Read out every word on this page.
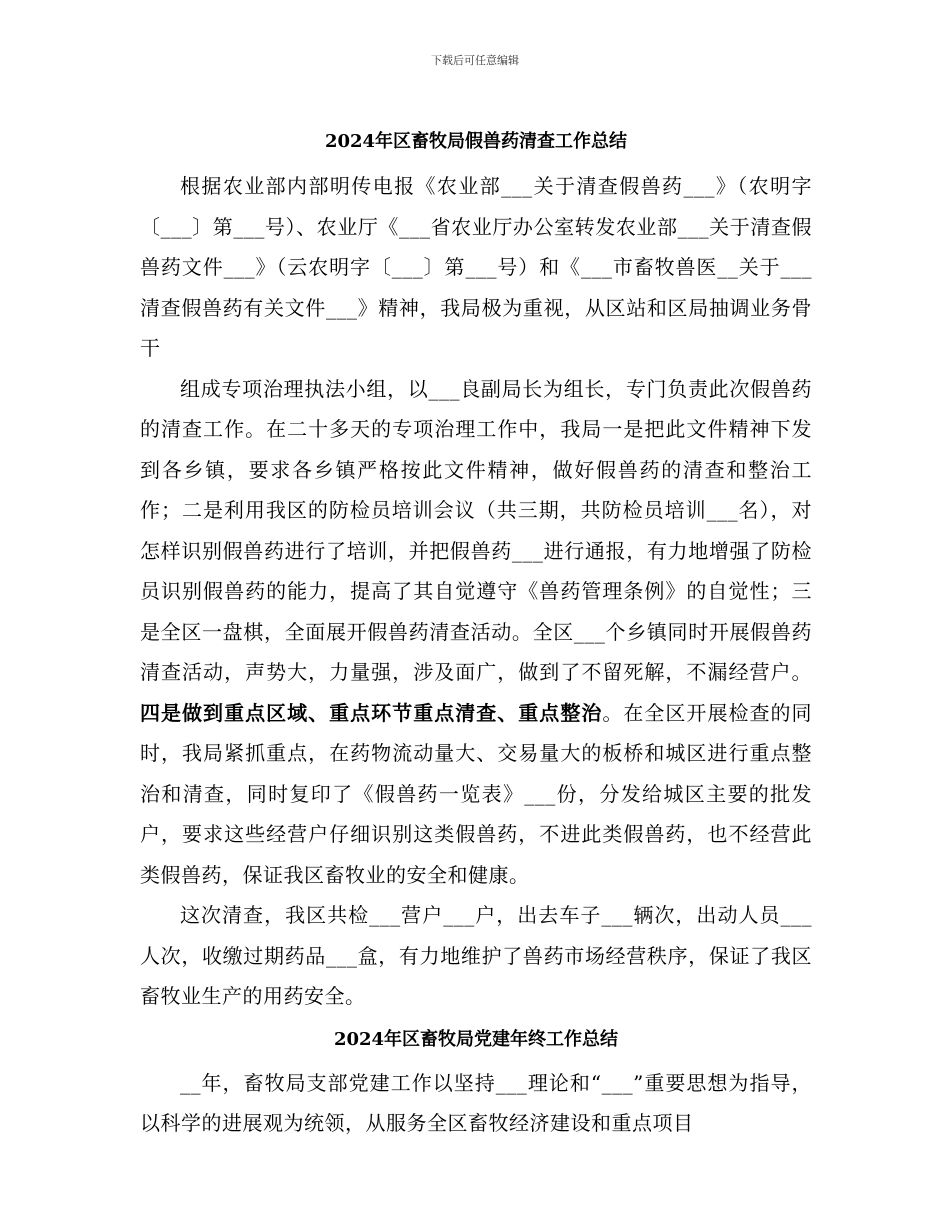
下载后可任意编辑
2024年区畜牧局假兽药清查工作总结

根据农业部内部明传电报《农业部___关于清查假兽药___》（农明字〔___〕第___号）、农业厅《___省农业厅办公室转发农业部___关于清查假兽药文件___》（云农明字〔___〕第___号）和《___市畜牧兽医__关于___清查假兽药有关文件___》精神，我局极为重视，从区站和区局抽调业务骨干

组成专项治理执法小组，以___良副局长为组长，专门负责此次假兽药的清查工作。在二十多天的专项治理工作中，我局一是把此文件精神下发到各乡镇，要求各乡镇严格按此文件精神，做好假兽药的清查和整治工作；二是利用我区的防检员培训会议（共三期，共防检员培训___名），对怎样识别假兽药进行了培训，并把假兽药___进行通报，有力地增强了防检员识别假兽药的能力，提高了其自觉遵守《兽药管理条例》的自觉性；三是全区一盘棋，全面展开假兽药清查活动。全区___个乡镇同时开展假兽药清查活动，声势大，力量强，涉及面广，做到了不留死解，不漏经营户。四是做到重点区域、重点环节重点清查、重点整治。在全区开展检查的同时，我局紧抓重点，在药物流动量大、交易量大的板桥和城区进行重点整治和清查，同时复印了《假兽药一览表》___份，分发给城区主要的批发户，要求这些经营户仔细识别这类假兽药，不进此类假兽药，也不经营此类假兽药，保证我区畜牧业的安全和健康。

这次清查，我区共检___营户___户，出去车子___辆次，出动人员___人次，收缴过期药品___盒，有力地维护了兽药市场经营秩序，保证了我区畜牧业生产的用药安全。

2024年区畜牧局党建年终工作总结

__年，畜牧局支部党建工作以坚持___理论和“___”重要思想为指导，以科学的进展观为统领，从服务全区畜牧经济建设和重点项目
